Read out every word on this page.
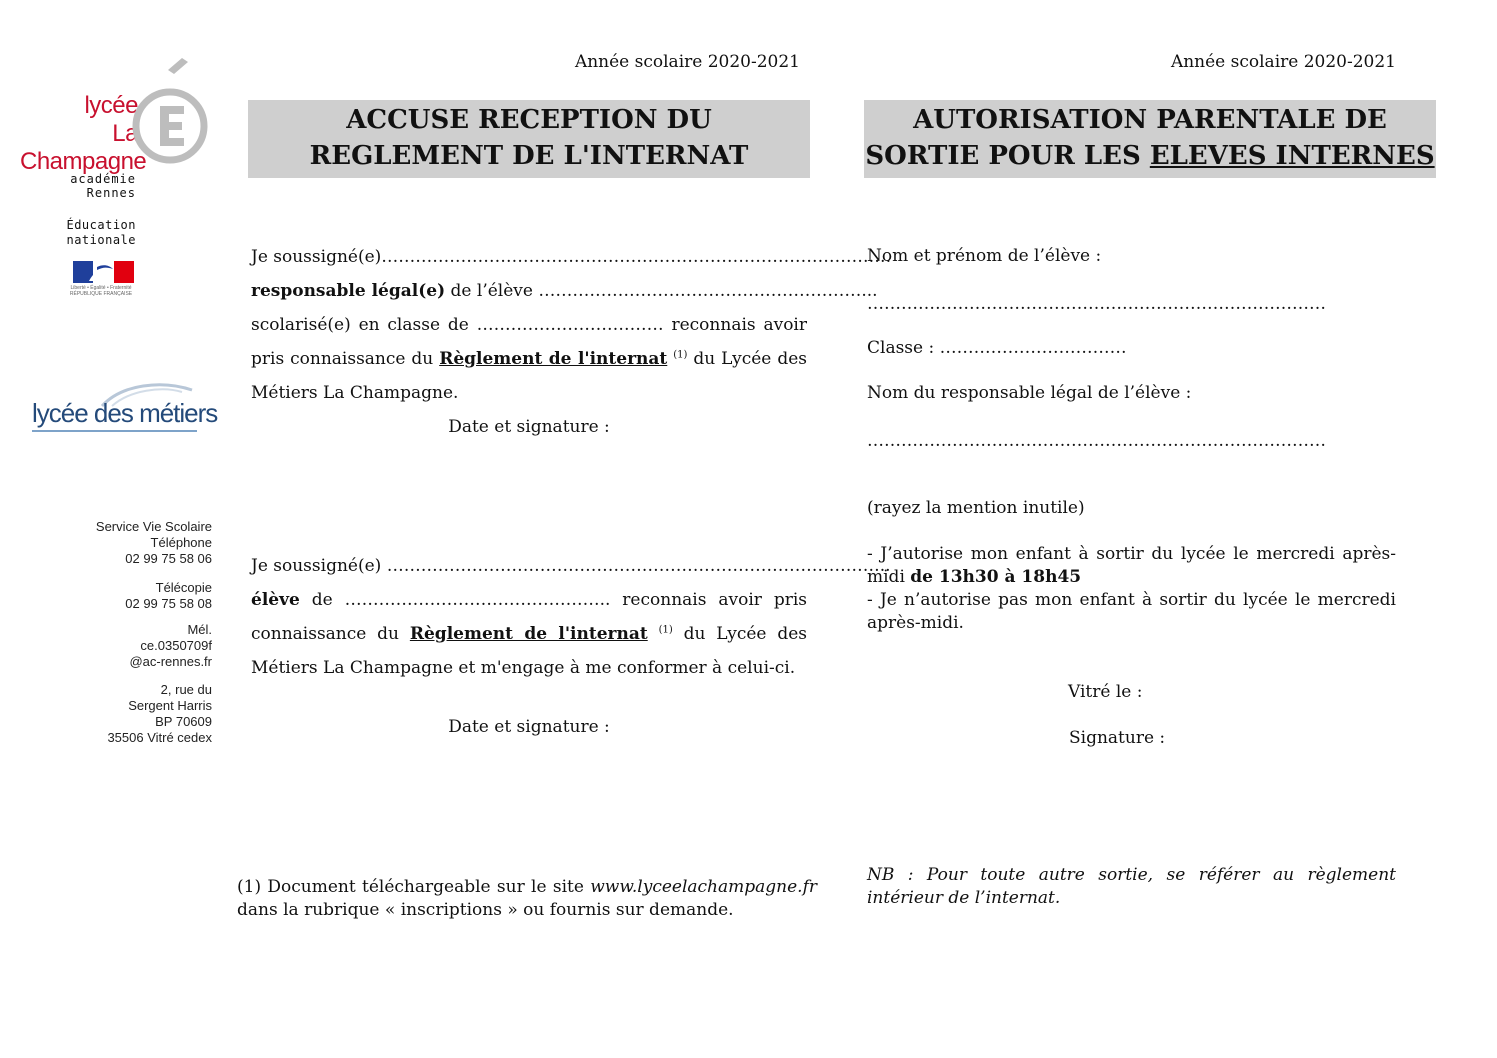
lycée
La Champagne
académie
Rennes
Éducation
nationale
Liberté • Égalité • Fraternité
RÉPUBLIQUE FRANÇAISE
lycée des métiers
Service Vie Scolaire
Téléphone
02 99 75 58 06
Télécopie
02 99 75 58 08
Mél.
ce.0350709f
@ac-rennes.fr
2, rue du
Sergent Harris
BP 70609
35506 Vitré cedex
Année scolaire 2020-2021
ACCUSE RECEPTION DU
REGLEMENT DE L'INTERNAT
Je soussigné(e)………………………………………………………………………………
responsable légal(e) de l’élève …………………………………………………...
scolarisé(e) en classe de …………………………… reconnais avoir pris connaissance du Règlement de l'internat $^{(1)}$ du Lycée des Métiers La Champagne.
Date et signature :
Je soussigné(e) ……………………………………………………………………………..
élève de ……………………………………….. reconnais avoir pris connaissance du Règlement de l'internat $^{(1)}$ du Lycée des Métiers La Champagne et m'engage à me conformer à celui-ci.
Date et signature :
(1) Document téléchargeable sur le site www.lyceelachampagne.fr dans la rubrique « inscriptions » ou fournis sur demande.
Année scolaire 2020-2021
AUTORISATION PARENTALE DE
SORTIE POUR LES ELEVES INTERNES
Nom et prénom de l’élève :
………………………………………………………………………
Classe : ……………………………
Nom du responsable légal de l’élève :
………………………………………………………………………
(rayez la mention inutile)
- J’autorise mon enfant à sortir du lycée le mercredi après-midi de 13h30 à 18h45
- Je n’autorise pas mon enfant à sortir du lycée le mercredi après-midi.
Vitré le :
Signature :
NB : Pour toute autre sortie, se référer au règlement intérieur de l’internat.
